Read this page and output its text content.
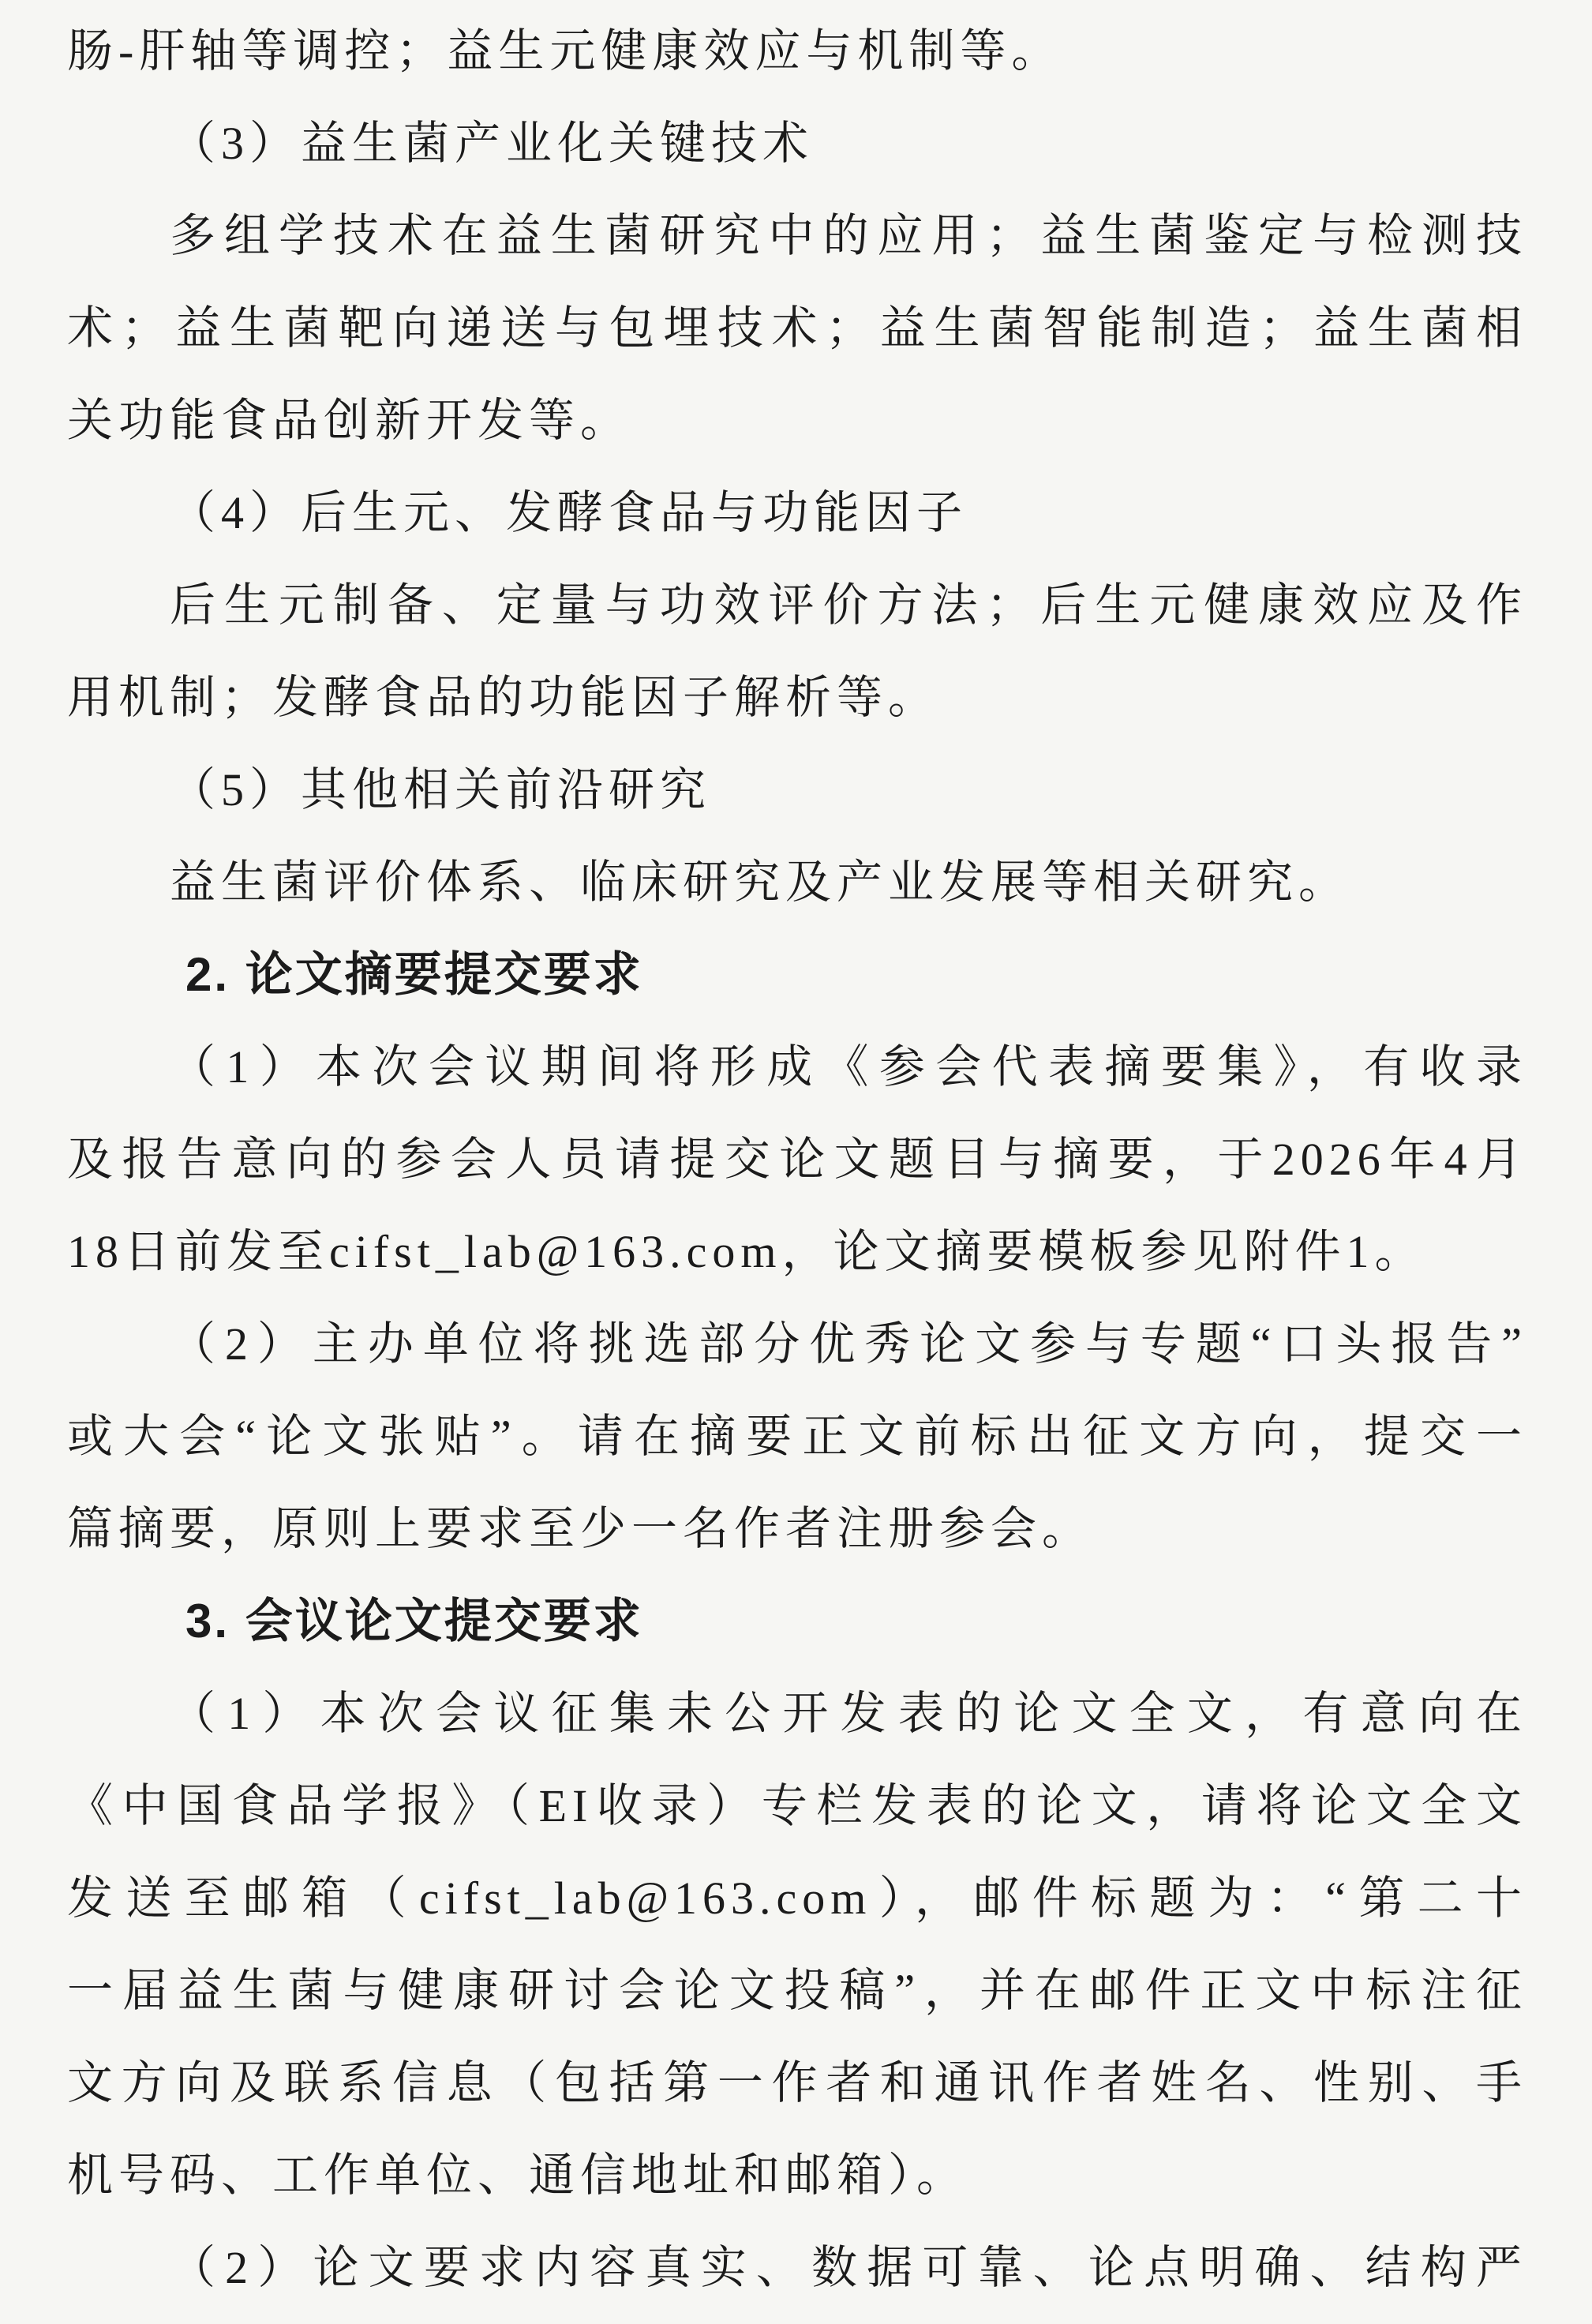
肠-肝轴等调控；益生元健康效应与机制等。
（3）益生菌产业化关键技术
多组学技术在益生菌研究中的应用；益生菌鉴定与检测技
术；益生菌靶向递送与包埋技术；益生菌智能制造；益生菌相
关功能食品创新开发等。
（4）后生元、发酵食品与功能因子
后生元制备、定量与功效评价方法；后生元健康效应及作
用机制；发酵食品的功能因子解析等。
（5）其他相关前沿研究
益生菌评价体系、临床研究及产业发展等相关研究。
2. 论文摘要提交要求
（1）本次会议期间将形成《参会代表摘要集》，有收录
及报告意向的参会人员请提交论文题目与摘要，于2026年4月
18日前发至cifst_lab@163.com，论文摘要模板参见附件1。
（2）主办单位将挑选部分优秀论文参与专题“口头报告”
或大会“论文张贴”。请在摘要正文前标出征文方向，提交一
篇摘要，原则上要求至少一名作者注册参会。
3. 会议论文提交要求
（1）本次会议征集未公开发表的论文全文，有意向在
《中国食品学报》（EI收录）专栏发表的论文，请将论文全文
发送至邮箱（cifst_lab@163.com），邮件标题为：“第二十
一届益生菌与健康研讨会论文投稿”，并在邮件正文中标注征
文方向及联系信息（包括第一作者和通讯作者姓名、性别、手
机号码、工作单位、通信地址和邮箱）。
（2）论文要求内容真实、数据可靠、论点明确、结构严
